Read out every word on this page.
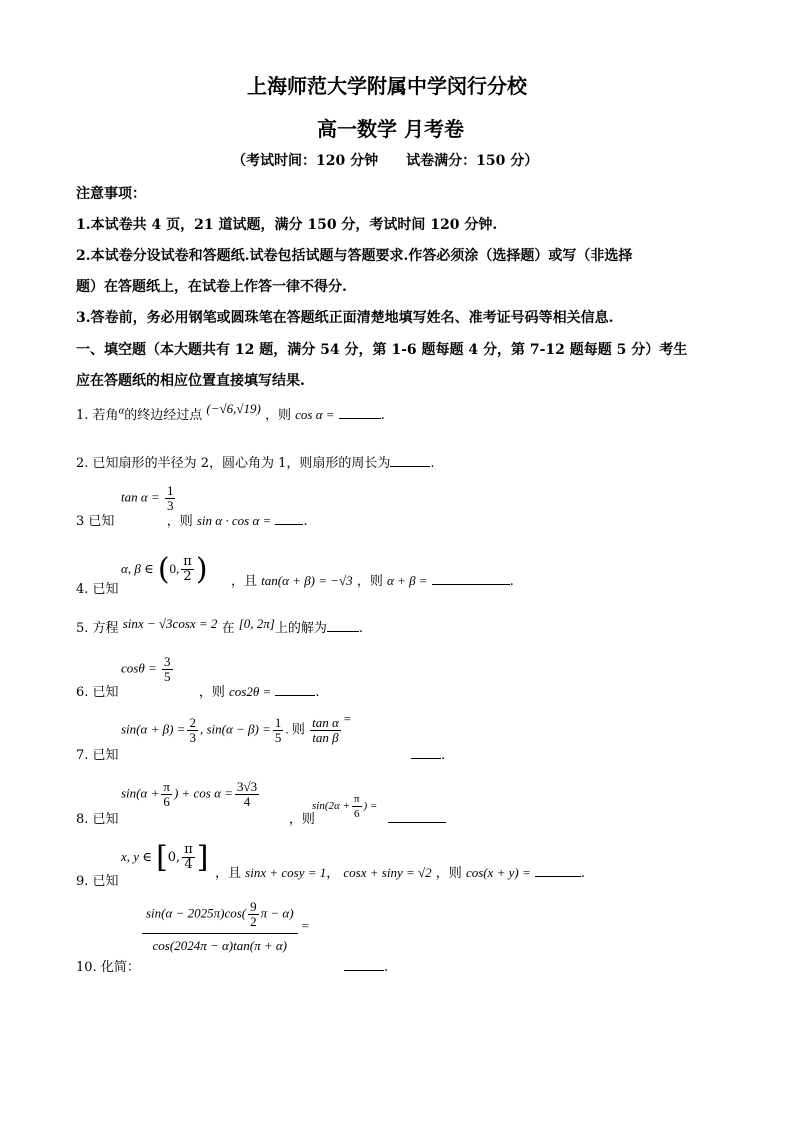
上海师范大学附属中学闵行分校
高一数学 月考卷
（考试时间：120 分钟　　试卷满分：150 分）
注意事项：
1.本试卷共 4 页，21 道试题，满分 150 分，考试时间 120 分钟.
2.本试卷分设试卷和答题纸.试卷包括试题与答题要求.作答必须涂（选择题）或写（非选择
题）在答题纸上，在试卷上作答一律不得分.
3.答卷前，务必用钢笔或圆珠笔在答题纸正面清楚地填写姓名、准考证号码等相关信息.
一、填空题（本大题共有 12 题，满分 54 分，第 1-6 题每题 4 分，第 7-12 题每题 5 分）考生
应在答题纸的相应位置直接填写结果.
1. 若角$^\alpha$的终边经过点 (−√6,√19) ，则 cos α =	.
2. 已知扇形的半径为 2，圆心角为 1，则扇形的周长为	.
$\tan \alpha = \frac{1}{3}$
3 已知	，则 sin α · cos α = .
α, β ∈ (0, $\frac{\pi}{2}$ )
4. 已知
，且 tan(α + β) = −√3 ，则 α + β =	.
5. 方程 sinx − √3cosx = 2 在 [0, 2π]上的解为 .
$\cos\theta = \frac{3}{5}$
6. 已知	，则 cos2θ =	.
$\sin(\alpha + \beta) = \frac{2}{3}$ , $\sin(\alpha - \beta) = \frac{1}{5}$ . 则 $\frac{\text{tan α}}{\text{tan β}}$ =
7. 已知	.
$\sin(\alpha + \frac{\pi}{6}$ ) + $\cos \alpha = \frac{3√3}{4}$
8. 已知	，则
$\sin(2\alpha + \frac{\pi}{6}$ ) =
x, y ∈ [0, $\frac{\pi}{4}$ ]
9. 已知
，且 sinx + cosy = 1， cosx + siny = √2 ，则 cos(x + y) =	.
$\frac{\sin(\alpha - 2025\pi)\cos( \frac{9}{2} \pi - \alpha)}{\cos(2024\pi - \alpha)\tan(\pi + \alpha)}$ =
10. 化简：	.
